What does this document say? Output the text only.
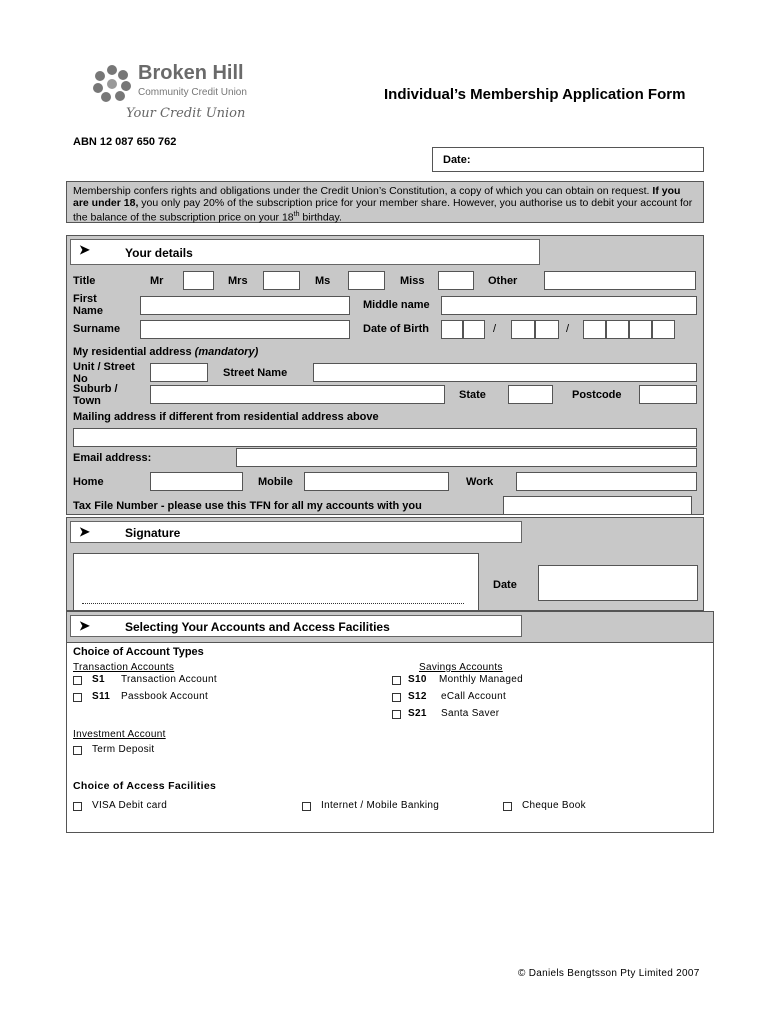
Broken Hill
Community Credit Union
Your Credit Union
Individual’s Membership Application Form
ABN 12 087 650 762
Date:
Membership confers rights and obligations under the Credit Union’s Constitution, a copy of which you can obtain on request. If you are under 18, you only pay 20% of the subscription price for your member share. However, you authorise us to debit your account for the balance of the subscription price on your 18th birthday.
➤	Your details
Title	Mr	Mrs	Ms	Miss	Other
First Name	Middle name
Surname	Date of Birth	/	/
My residential address (mandatory)
Unit / Street No	Street Name
Suburb / Town	State	Postcode
Mailing address if different from residential address above
Email address:
Home	Mobile	Work
Tax File Number - please use this TFN for all my accounts with you
➤	Signature
Date
➤	Selecting Your Accounts and Access Facilities
Choice of Account Types
Transaction Accounts	Savings Accounts
S1 Transaction Account	S10 Monthly Managed
S11 Passbook Account	S12 eCall Account
S21 Santa Saver
Investment Account
Term Deposit
Choice of Access Facilities
VISA Debit card	Internet / Mobile Banking	Cheque Book
© Daniels Bengtsson Pty Limited 2007
